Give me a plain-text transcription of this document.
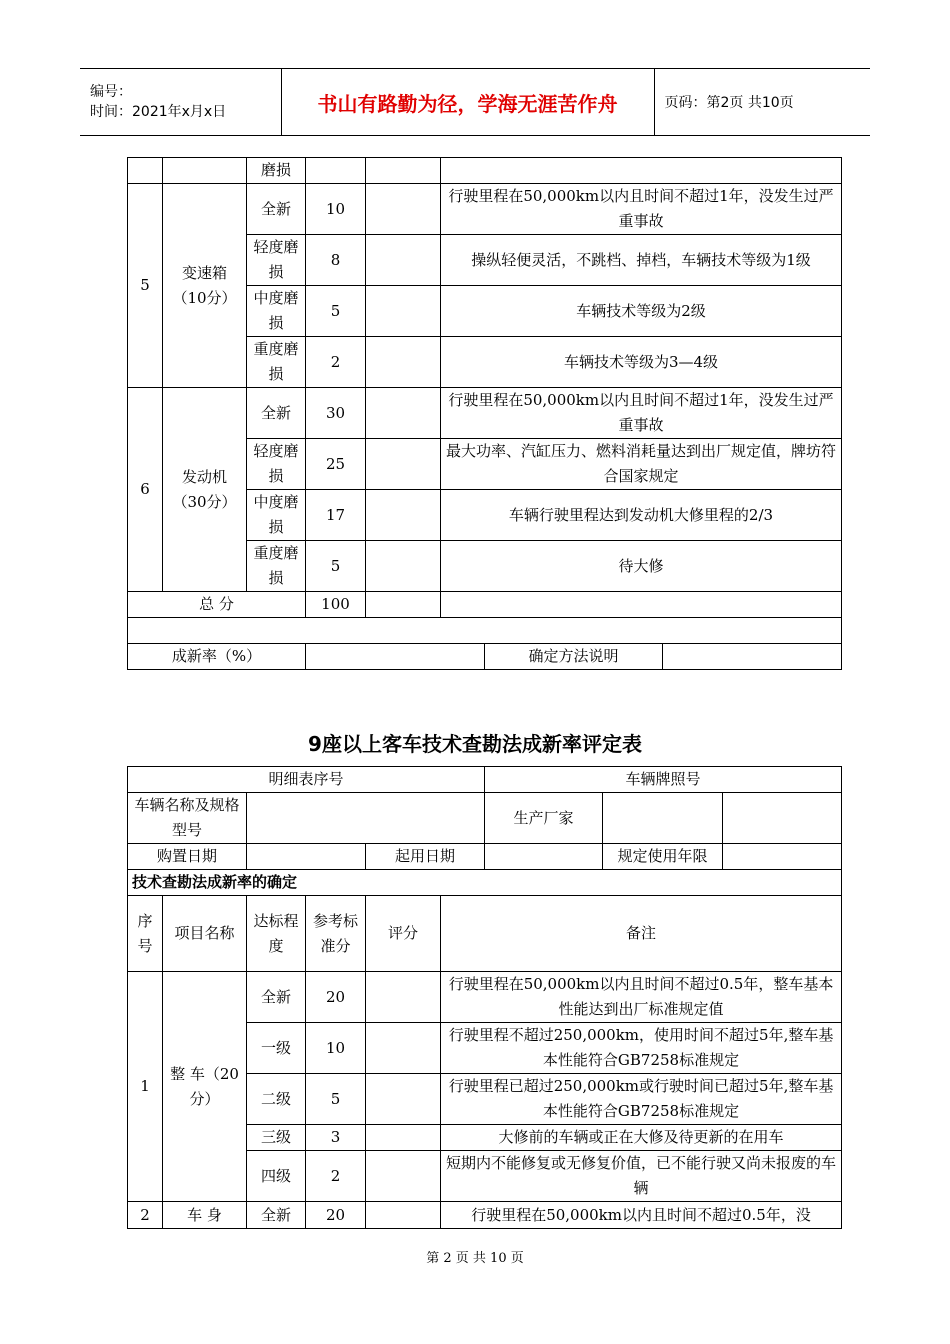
编号：
时间：2021年x月x日	书山有路勤为径，学海无涯苦作舟	页码：第2页 共10页
		磨损					
5	变速箱（10分）	全新	10		行驶里程在50,000km以内且时间不超过1年，没发生过严重事故		
		轻度磨损	8		操纵轻便灵活，不跳档、掉档，车辆技术等级为1级		
		中度磨损	5		车辆技术等级为2级		
		重度磨损	2		车辆技术等级为3—4级		
6	发动机（30分）	全新	30		行驶里程在50,000km以内且时间不超过1年，没发生过严重事故		
		轻度磨损	25		最大功率、汽缸压力、燃料消耗量达到出厂规定值，牌坊符合国家规定		
		中度磨损	17		车辆行驶里程达到发动机大修里程的2/3		
		重度磨损	5		待大修		
总 分			100				

成新率（%）						确定方法说明	
9座以上客车技术查勘法成新率评定表
明细表序号						车辆牌照号		
车辆名称及规格型号						生产厂家		
购置日期				起用日期			规定使用年限	
技术查勘法成新率的确定								
序号	项目名称	达标程度	参考标准分	评分	备注			
1	整 车（20分）	全新	20		行驶里程在50,000km以内且时间不超过0.5年，整车基本性能达到出厂标准规定值			
		一级	10		行驶里程不超过250,000km，使用时间不超过5年,整车基本性能符合GB7258标准规定			
		二级	5		行驶里程已超过250,000km或行驶时间已超过5年,整车基本性能符合GB7258标准规定			
		三级	3		大修前的车辆或正在大修及待更新的在用车			
		四级	2		短期内不能修复或无修复价值，已不能行驶又尚未报废的车辆			
2	车 身	全新	20		行驶里程在50,000km以内且时间不超过0.5年，没			
第 2 页 共 10 页
